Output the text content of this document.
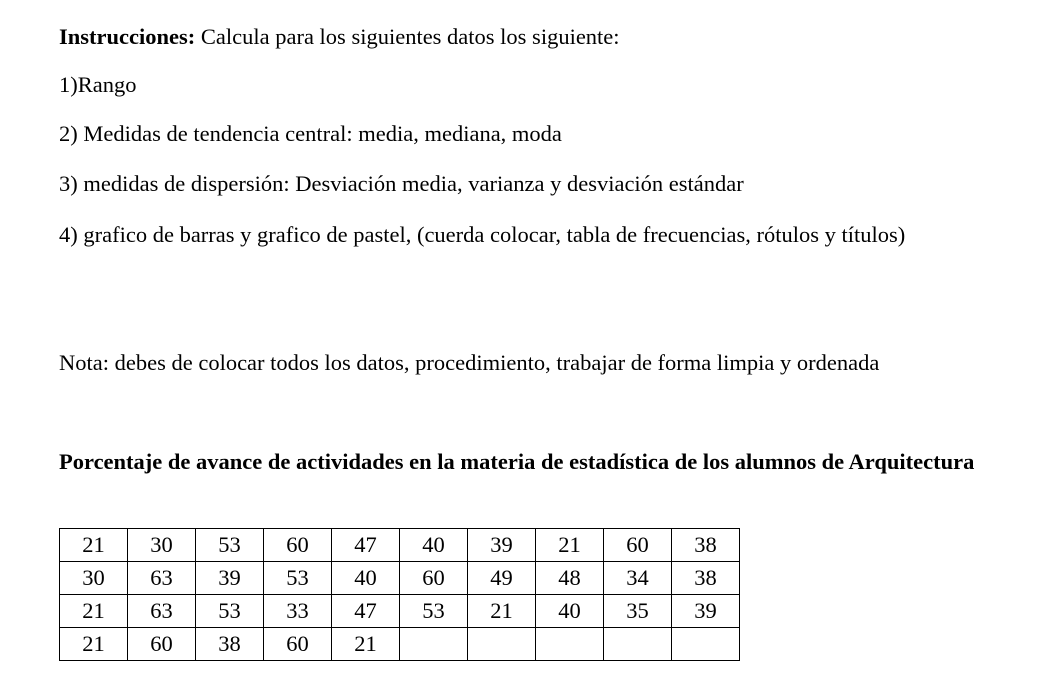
Instrucciones: Calcula para los siguientes datos los siguiente:
1)Rango
2) Medidas de tendencia central: media, mediana, moda
3) medidas de dispersión: Desviación media, varianza y desviación estándar
4) grafico de barras y grafico de pastel, (cuerda colocar, tabla de frecuencias, rótulos y títulos)
Nota: debes de colocar todos los datos, procedimiento, trabajar de forma limpia y ordenada
Porcentaje de avance de actividades en la materia de estadística de los alumnos de Arquitectura
21	30	53	60	47	40	39	21	60	38
30	63	39	53	40	60	49	48	34	38
21	63	53	33	47	53	21	40	35	39
21	60	38	60	21					
